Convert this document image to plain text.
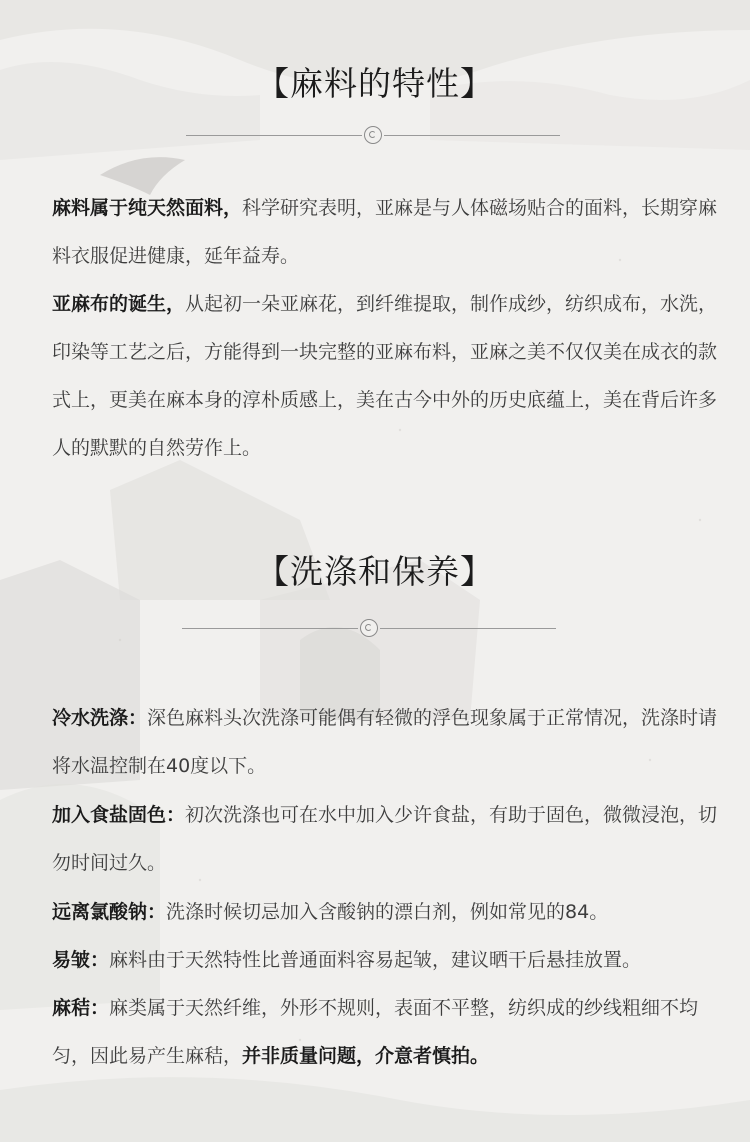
【麻料的特性】

麻料属于纯天然面料，科学研究表明，亚麻是与人体磁场贴合的面料，长期穿麻料衣服促进健康，延年益寿。

亚麻布的诞生，从起初一朵亚麻花，到纤维提取，制作成纱，纺织成布，水洗，印染等工艺之后，方能得到一块完整的亚麻布料，亚麻之美不仅仅美在成衣的款式上，更美在麻本身的淳朴质感上，美在古今中外的历史底蕴上，美在背后许多人的默默的自然劳作上。

【洗涤和保养】

冷水洗涤：深色麻料头次洗涤可能偶有轻微的浮色现象属于正常情况，洗涤时请将水温控制在40度以下。

加入食盐固色：初次洗涤也可在水中加入少许食盐，有助于固色，微微浸泡，切勿时间过久。

远离氯酸钠：洗涤时候切忌加入含酸钠的漂白剂，例如常见的84。

易皱：麻料由于天然特性比普通面料容易起皱，建议晒干后悬挂放置。

麻秸：麻类属于天然纤维，外形不规则，表面不平整，纺织成的纱线粗细不均匀，因此易产生麻秸，并非质量问题，介意者慎拍。
